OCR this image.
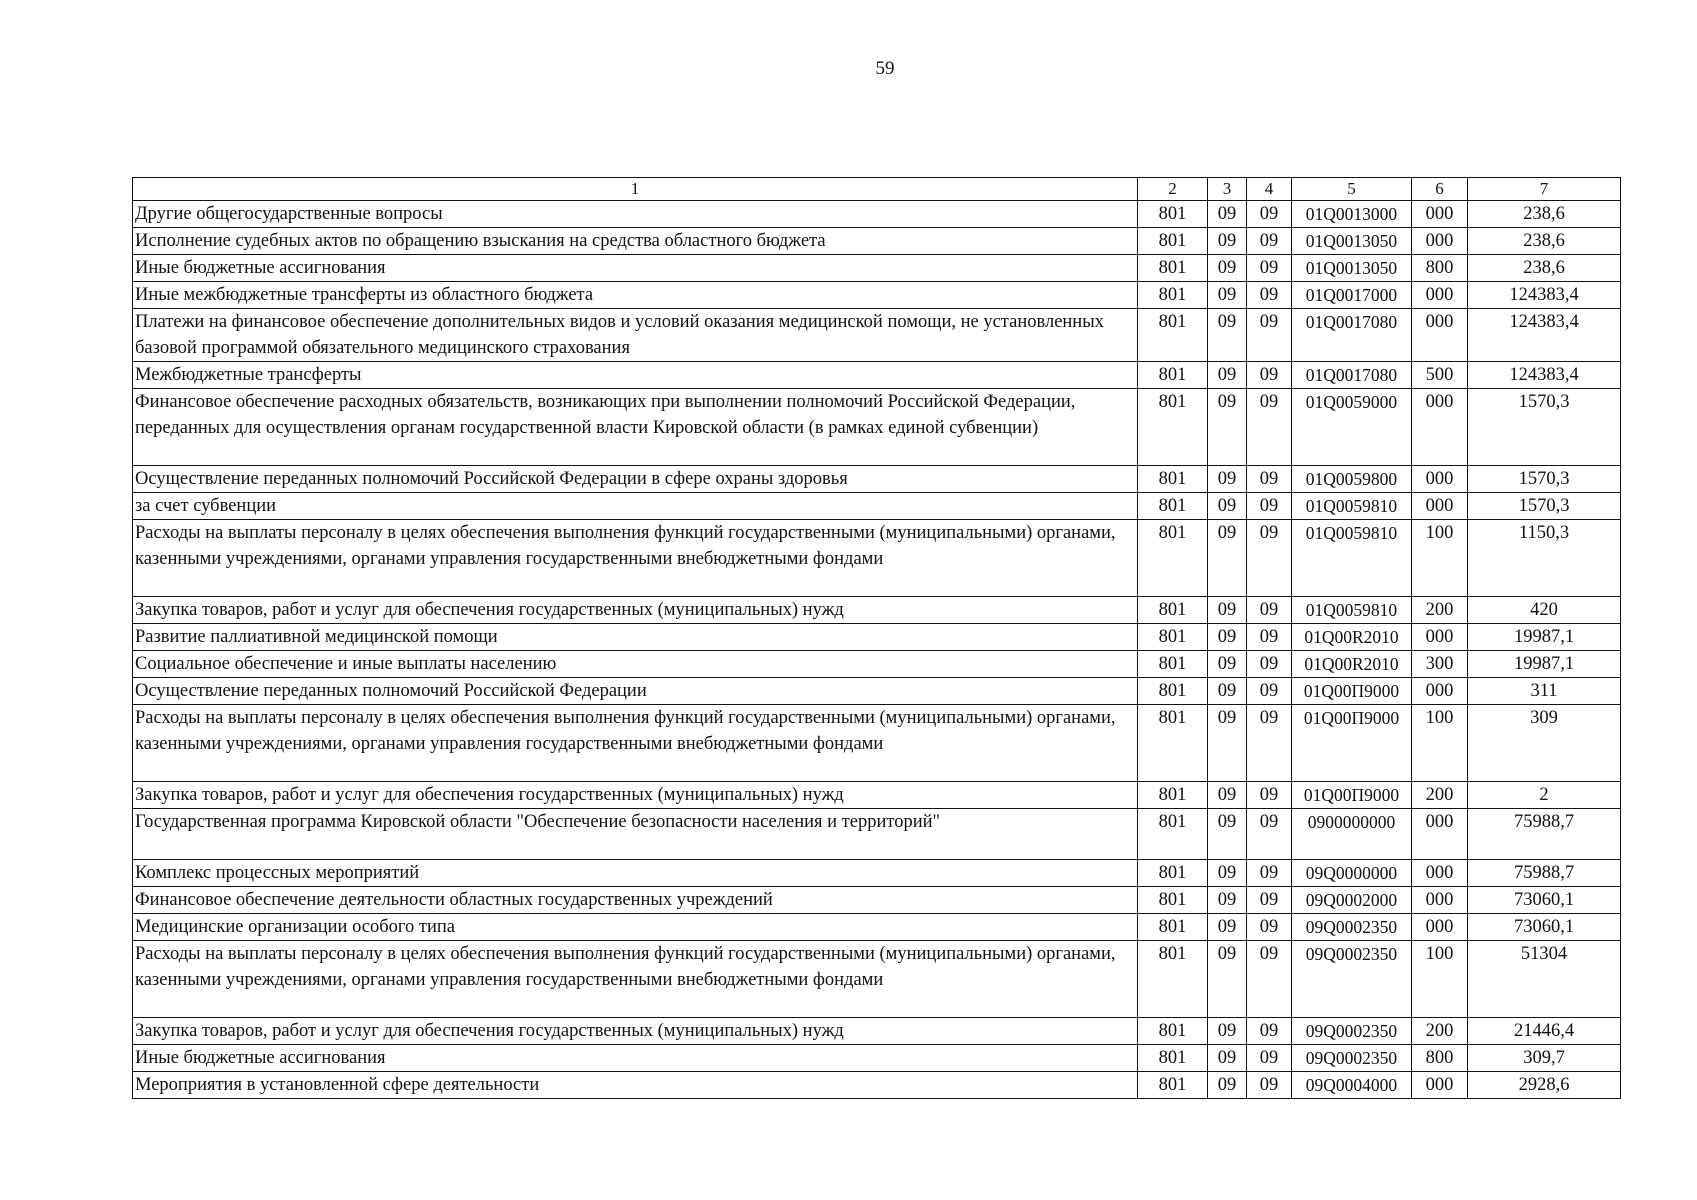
59
1	2	3	4	5	6	7
Другие общегосударственные вопросы	801	09	09	01Q0013000	000	238,6
Исполнение судебных актов по обращению взыскания на средства областного бюджета	801	09	09	01Q0013050	000	238,6
Иные бюджетные ассигнования	801	09	09	01Q0013050	800	238,6
Иные межбюджетные трансферты из областного бюджета	801	09	09	01Q0017000	000	124383,4
Платежи на финансовое обеспечение дополнительных видов и условий оказания медицинской помощи, не установленных базовой программой обязательного медицинского страхования	801	09	09	01Q0017080	000	124383,4
Межбюджетные трансферты	801	09	09	01Q0017080	500	124383,4
Финансовое обеспечение расходных обязательств, возникающих при выполнении полномочий Российской Федерации, переданных для осуществления органам государственной власти Кировской области (в рамках единой субвенции)	801	09	09	01Q0059000	000	1570,3
Осуществление переданных полномочий Российской Федерации в сфере охраны здоровья	801	09	09	01Q0059800	000	1570,3
за счет субвенции	801	09	09	01Q0059810	000	1570,3
Расходы на выплаты персоналу в целях обеспечения выполнения функций государственными (муниципальными) органами, казенными учреждениями, органами управления государственными внебюджетными фондами	801	09	09	01Q0059810	100	1150,3
Закупка товаров, работ и услуг для обеспечения государственных (муниципальных) нужд	801	09	09	01Q0059810	200	420
Развитие паллиативной медицинской помощи	801	09	09	01Q00R2010	000	19987,1
Социальное обеспечение и иные выплаты населению	801	09	09	01Q00R2010	300	19987,1
Осуществление переданных полномочий Российской Федерации	801	09	09	01Q00П9000	000	311
Расходы на выплаты персоналу в целях обеспечения выполнения функций государственными (муниципальными) органами, казенными учреждениями, органами управления государственными внебюджетными фондами	801	09	09	01Q00П9000	100	309
Закупка товаров, работ и услуг для обеспечения государственных (муниципальных) нужд	801	09	09	01Q00П9000	200	2
Государственная программа Кировской области "Обеспечение безопасности населения и территорий"	801	09	09	0900000000	000	75988,7
Комплекс процессных мероприятий	801	09	09	09Q0000000	000	75988,7
Финансовое обеспечение деятельности областных государственных учреждений	801	09	09	09Q0002000	000	73060,1
Медицинские организации особого типа	801	09	09	09Q0002350	000	73060,1
Расходы на выплаты персоналу в целях обеспечения выполнения функций государственными (муниципальными) органами, казенными учреждениями, органами управления государственными внебюджетными фондами	801	09	09	09Q0002350	100	51304
Закупка товаров, работ и услуг для обеспечения государственных (муниципальных) нужд	801	09	09	09Q0002350	200	21446,4
Иные бюджетные ассигнования	801	09	09	09Q0002350	800	309,7
Мероприятия в установленной сфере деятельности	801	09	09	09Q0004000	000	2928,6
